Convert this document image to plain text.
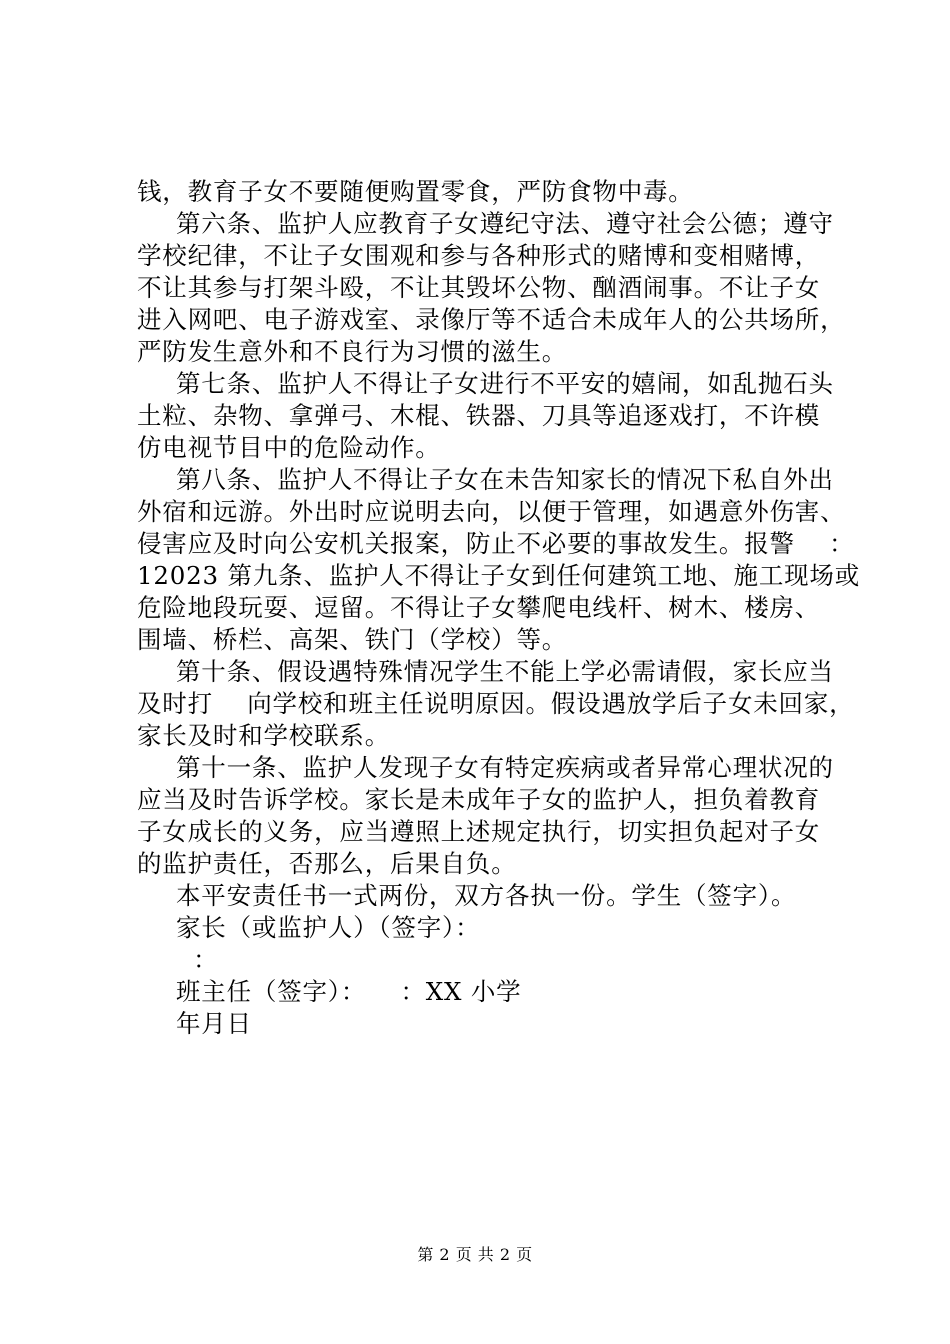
钱，教育子女不要随便购置零食，严防食物中毒。
第六条、监护人应教育子女遵纪守法、遵守社会公德；遵守
学校纪律，不让子女围观和参与各种形式的赌博和变相赌博，
不让其参与打架斗殴，不让其毁坏公物、酗酒闹事。不让子女
进入网吧、电子游戏室、录像厅等不适合未成年人的公共场所，
严防发生意外和不良行为习惯的滋生。
第七条、监护人不得让子女进行不平安的嬉闹，如乱抛石头
土粒、杂物、拿弹弓、木棍、铁器、刀具等追逐戏打，不许模
仿电视节目中的危险动作。
第八条、监护人不得让子女在未告知家长的情况下私自外出
外宿和远游。外出时应说明去向，以便于管理，如遇意外伤害、
侵害应及时向公安机关报案，防止不必要的事故发生。报警    ：
12023 第九条、监护人不得让子女到任何建筑工地、施工现场或
危险地段玩耍、逗留。不得让子女攀爬电线杆、树木、楼房、
围墙、桥栏、高架、铁门（学校）等。
第十条、假设遇特殊情况学生不能上学必需请假，家长应当
及时打    向学校和班主任说明原因。假设遇放学后子女未回家，
家长及时和学校联系。
第十一条、监护人发现子女有特定疾病或者异常心理状况的
应当及时告诉学校。家长是未成年子女的监护人，担负着教育
子女成长的义务，应当遵照上述规定执行，切实担负起对子女
的监护责任，否那么，后果自负。
本平安责任书一式两份，双方各执一份。学生（签字）。
家长（或监护人）（签字）：
：
班主任（签字）：    ：XX 小学
年月日
第 2 页 共 2 页
